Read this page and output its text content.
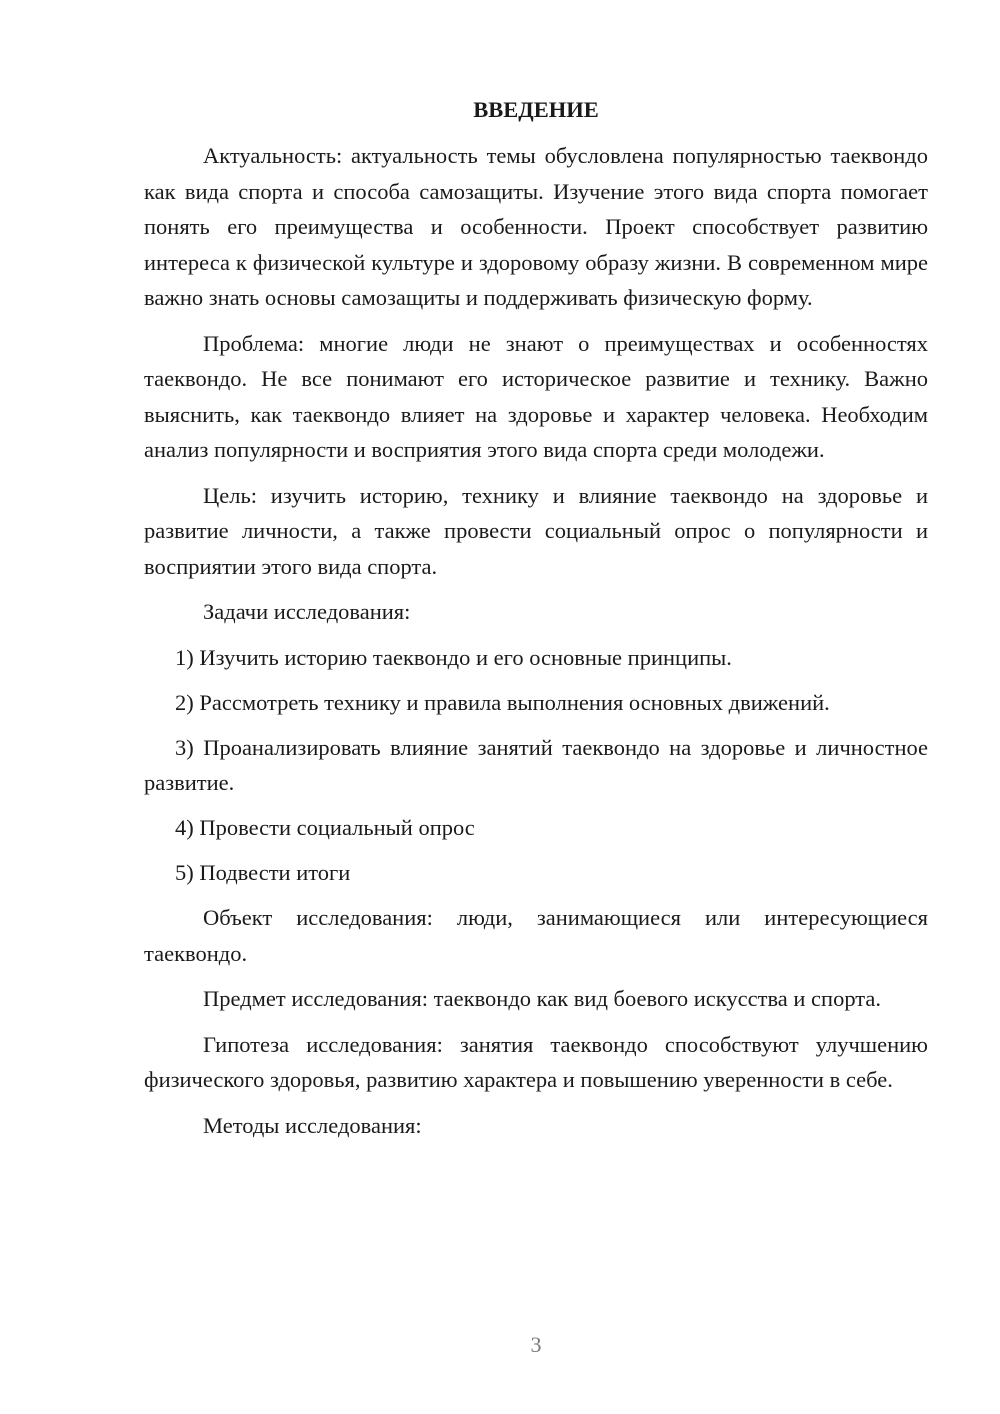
ВВЕДЕНИЕ

Актуальность: актуальность темы обусловлена популярностью таеквондо как вида спорта и способа самозащиты. Изучение этого вида спорта помогает понять его преимущества и особенности. Проект способствует развитию интереса к физической культуре и здоровому образу жизни. В современном мире важно знать основы самозащиты и поддерживать физическую форму.

Проблема: многие люди не знают о преимуществах и особенностях таеквондо. Не все понимают его историческое развитие и технику. Важно выяснить, как таеквондо влияет на здоровье и характер человека. Необходим анализ популярности и восприятия этого вида спорта среди молодежи.

Цель: изучить историю, технику и влияние таеквондо на здоровье и развитие личности, а также провести социальный опрос о популярности и восприятии этого вида спорта.

Задачи исследования:

1) Изучить историю таеквондо и его основные принципы.

2) Рассмотреть технику и правила выполнения основных движений.

3) Проанализировать влияние занятий таеквондо на здоровье и личностное развитие.

4) Провести социальный опрос

5) Подвести итоги

Объект исследования: люди, занимающиеся или интересующиеся таеквондо.

Предмет исследования: таеквондо как вид боевого искусства и спорта.

Гипотеза исследования: занятия таеквондо способствуют улучшению физического здоровья, развитию характера и повышению уверенности в себе.

Методы исследования:

3
